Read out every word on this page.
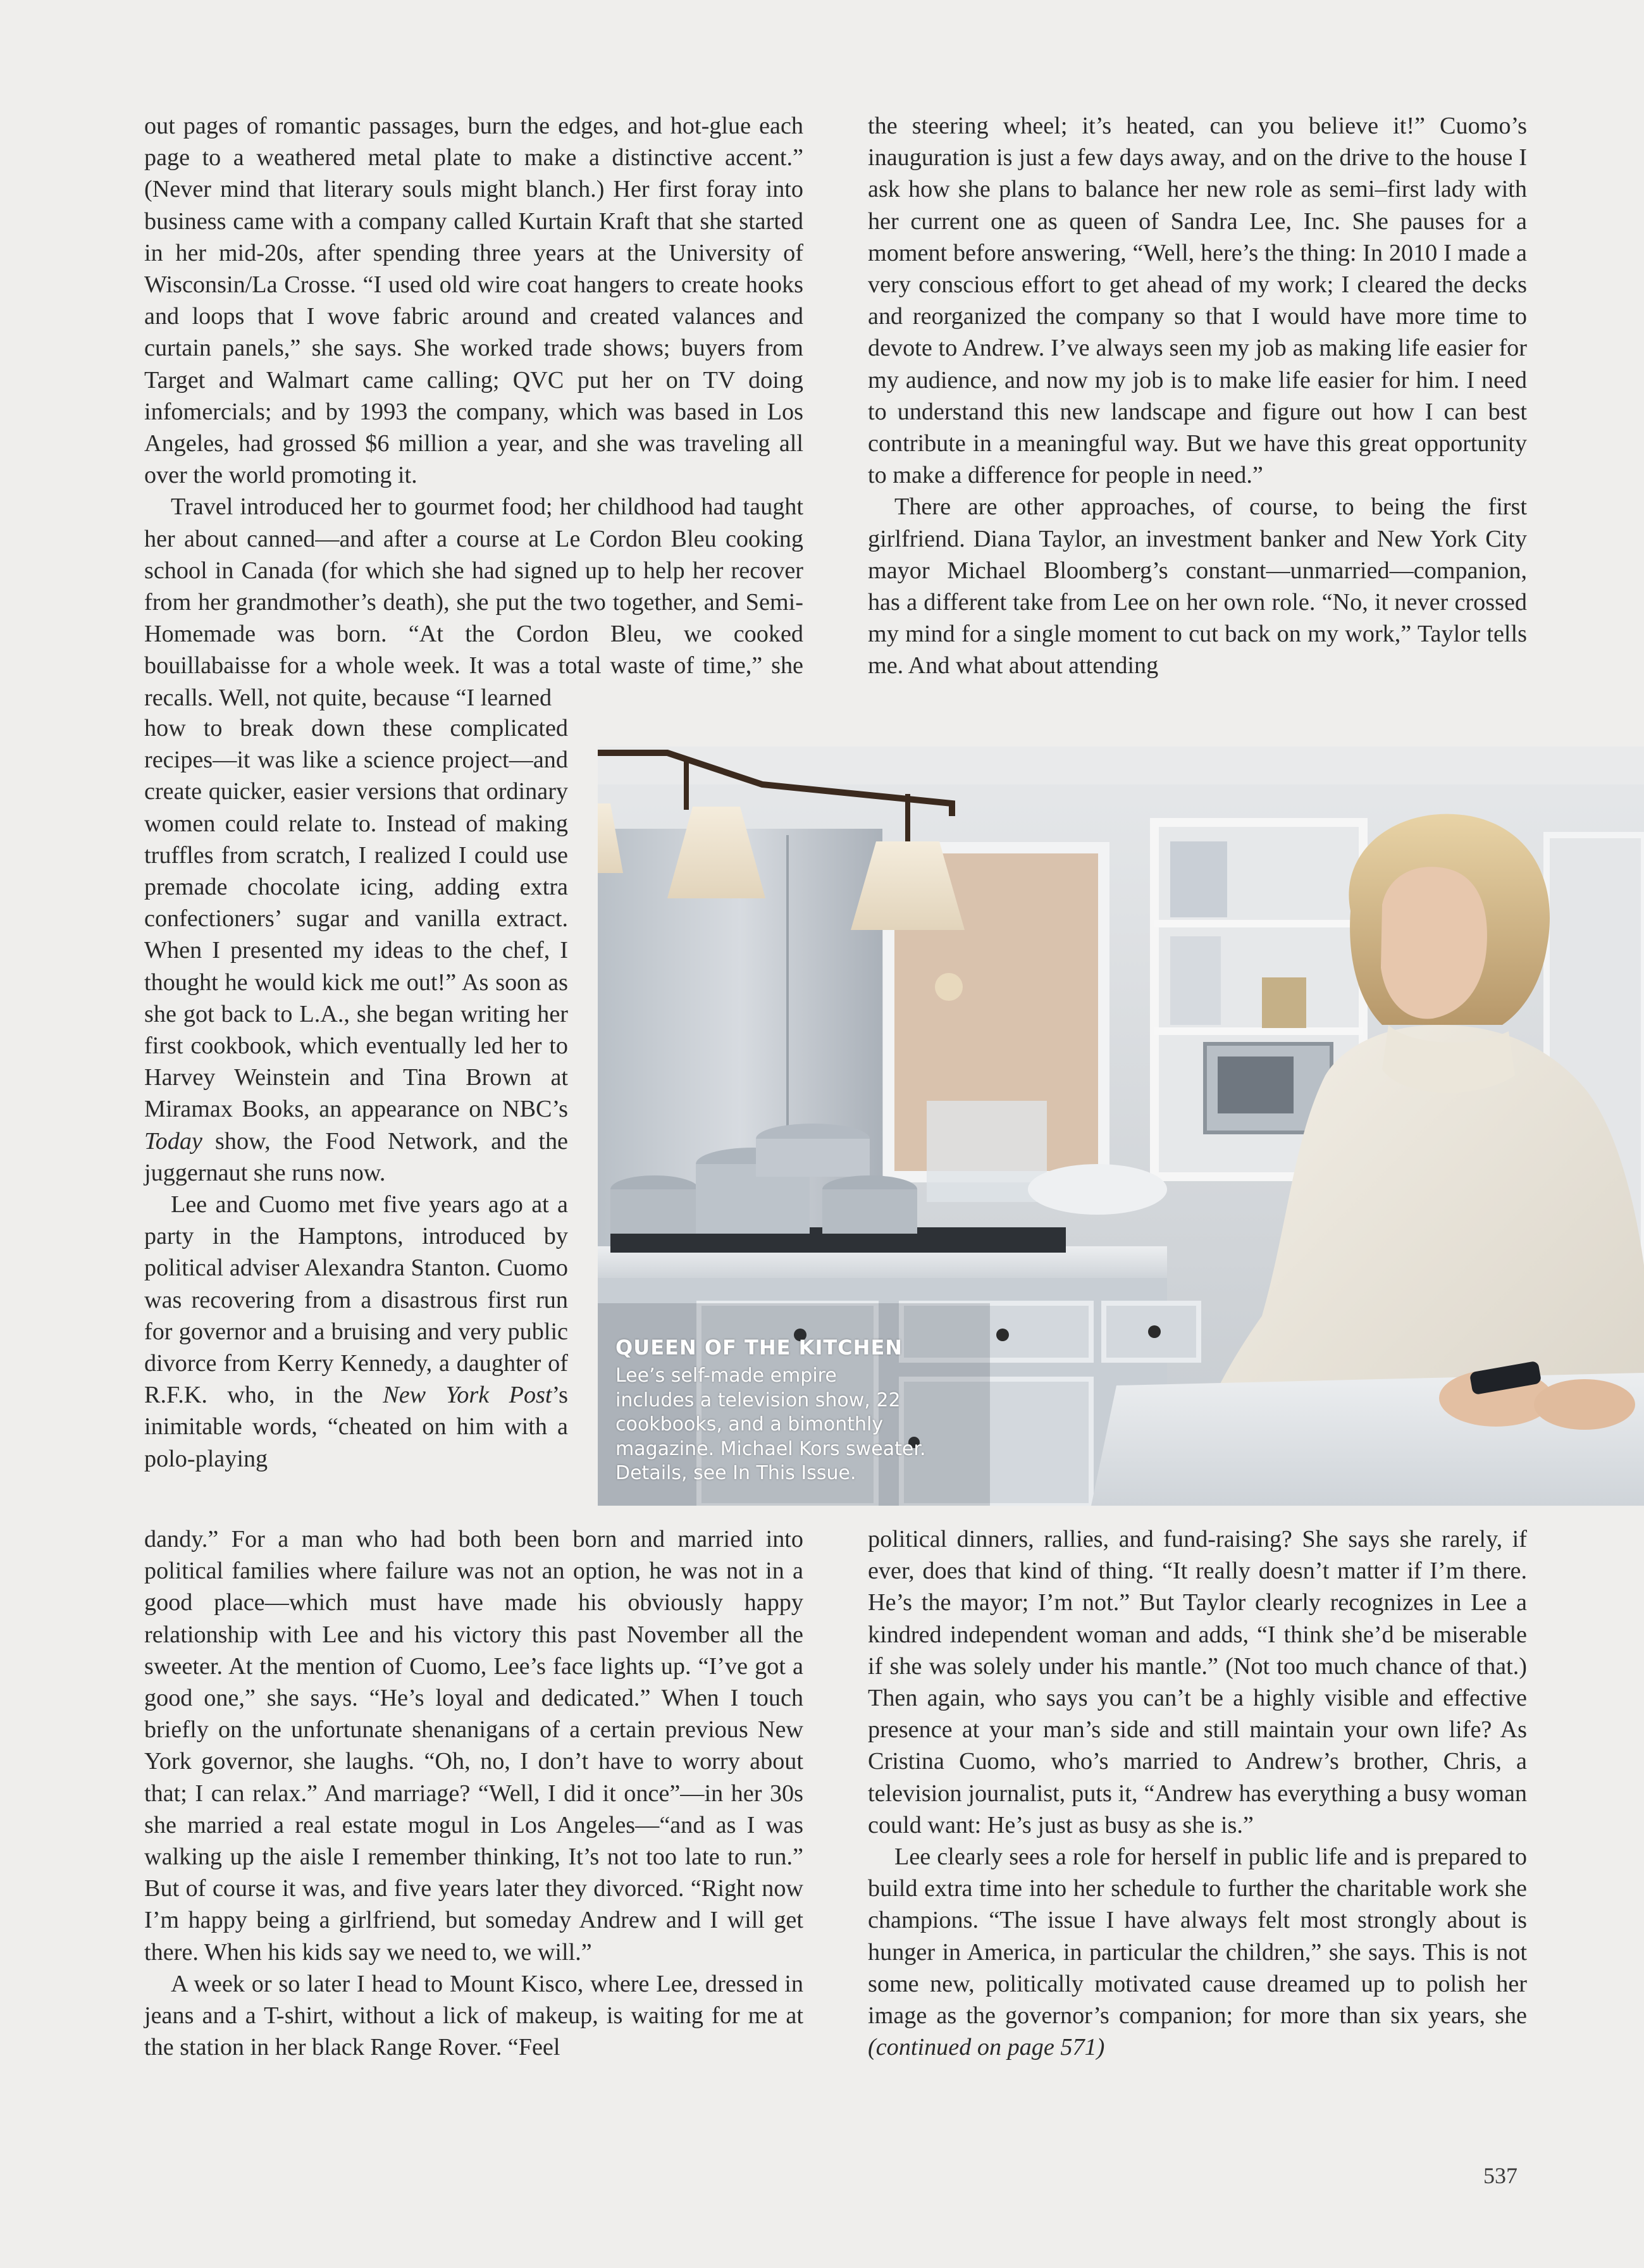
out pages of romantic passages, burn the edges, and hot-glue each page to a weathered metal plate to make a distinctive accent.” (Never mind that literary souls might blanch.) Her first foray into business came with a company called Kurtain Kraft that she started in her mid-20s, after spending three years at the University of Wisconsin/La Crosse. “I used old wire coat hangers to create hooks and loops that I wove fabric around and created valances and curtain panels,” she says. She worked trade shows; buyers from Target and Walmart came calling; QVC put her on TV doing infomercials; and by 1993 the company, which was based in Los Angeles, had grossed $6 million a year, and she was traveling all over the world promoting it.

Travel introduced her to gourmet food; her childhood had taught her about canned—and after a course at Le Cordon Bleu cooking school in Canada (for which she had signed up to help her recover from her grandmother’s death), she put the two together, and Semi-Homemade was born. “At the Cordon Bleu, we cooked bouillabaisse for a whole week. It was a total waste of time,” she recalls. Well, not quite, because “I learned

how to break down these complicated recipes—it was like a science project—and create quicker, easier versions that ordinary women could relate to. Instead of making truffles from scratch, I realized I could use premade chocolate icing, adding extra confectioners’ sugar and vanilla extract. When I presented my ideas to the chef, I thought he would kick me out!” As soon as she got back to L.A., she began writing her first cookbook, which eventually led her to Harvey Weinstein and Tina Brown at Miramax Books, an appearance on NBC’s Today show, the Food Network, and the juggernaut she runs now.

Lee and Cuomo met five years ago at a party in the Hamptons, introduced by political adviser Alexandra Stanton. Cuomo was recovering from a disastrous first run for governor and a bruising and very public divorce from Kerry Kennedy, a daughter of R.F.K. who, in the New York Post’s inimitable words, “cheated on him with a polo-playing

dandy.” For a man who had both been born and married into political families where failure was not an option, he was not in a good place—which must have made his obviously happy relationship with Lee and his victory this past November all the sweeter. At the mention of Cuomo, Lee’s face lights up. “I’ve got a good one,” she says. “He’s loyal and dedicated.” When I touch briefly on the unfortunate shenanigans of a certain previous New York governor, she laughs. “Oh, no, I don’t have to worry about that; I can relax.” And marriage? “Well, I did it once”—in her 30s she married a real estate mogul in Los Angeles—“and as I was walking up the aisle I remember thinking, It’s not too late to run.” But of course it was, and five years later they divorced. “Right now I’m happy being a girlfriend, but someday Andrew and I will get there. When his kids say we need to, we will.”

A week or so later I head to Mount Kisco, where Lee, dressed in jeans and a T-shirt, without a lick of makeup, is waiting for me at the station in her black Range Rover. “Feel

the steering wheel; it’s heated, can you believe it!” Cuomo’s inauguration is just a few days away, and on the drive to the house I ask how she plans to balance her new role as semi–first lady with her current one as queen of Sandra Lee, Inc. She pauses for a moment before answering, “Well, here’s the thing: In 2010 I made a very conscious effort to get ahead of my work; I cleared the decks and reorganized the company so that I would have more time to devote to Andrew. I’ve always seen my job as making life easier for my audience, and now my job is to make life easier for him. I need to understand this new landscape and figure out how I can best contribute in a meaningful way. But we have this great opportunity to make a difference for people in need.”

There are other approaches, of course, to being the first girlfriend. Diana Taylor, an investment banker and New York City mayor Michael Bloomberg’s constant—unmarried—companion, has a different take from Lee on her own role. “No, it never crossed my mind for a single moment to cut back on my work,” Taylor tells me. And what about attending

political dinners, rallies, and fund-raising? She says she rarely, if ever, does that kind of thing. “It really doesn’t matter if I’m there. He’s the mayor; I’m not.” But Taylor clearly recognizes in Lee a kindred independent woman and adds, “I think she’d be miserable if she was solely under his mantle.” (Not too much chance of that.) Then again, who says you can’t be a highly visible and effective presence at your man’s side and still maintain your own life? As Cristina Cuomo, who’s married to Andrew’s brother, Chris, a television journalist, puts it, “Andrew has everything a busy woman could want: He’s just as busy as she is.”

Lee clearly sees a role for herself in public life and is prepared to build extra time into her schedule to further the charitable work she champions. “The issue I have always felt most strongly about is hunger in America, in particular the children,” she says. This is not some new, politically motivated cause dreamed up to polish her image as the governor’s companion; for more than six years, she (continued on page 571)

QUEEN OF THE KITCHEN
Lee’s self-made empire
includes a television show, 22
cookbooks, and a bimonthly
magazine. Michael Kors sweater.
Details, see In This Issue.
537
